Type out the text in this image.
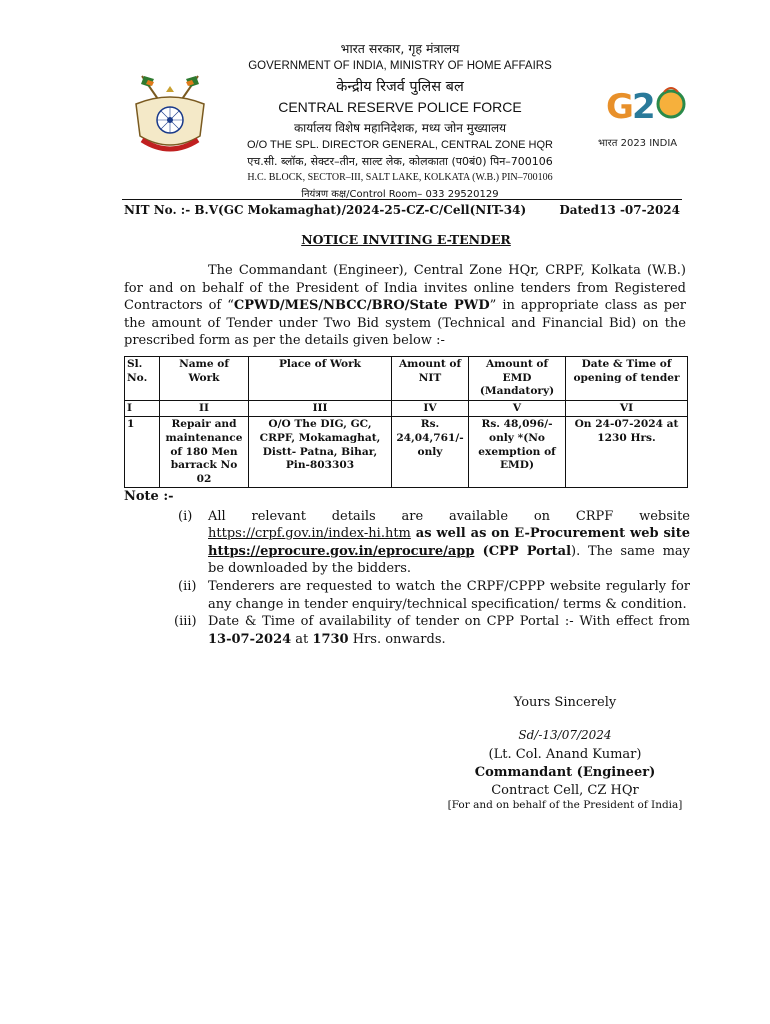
G
2
भारत 2023 INDIA
भारत सरकार, गृह मंत्रालय
GOVERNMENT OF INDIA, MINISTRY OF HOME AFFAIRS
केन्द्रीय रिजर्व पुलिस बल
CENTRAL RESERVE POLICE FORCE
कार्यालय विशेष महानिदेशक, मध्य जोन मुख्यालय
O/O THE SPL. DIRECTOR GENERAL, CENTRAL ZONE HQR
एच.सी. ब्लॉक, सेक्टर–तीन, साल्ट लेक, कोलकाता (प0बं0) पिन–700106
H.C. BLOCK, SECTOR–III, SALT LAKE, KOLKATA (W.B.) PIN–700106
नियंत्रण कक्ष/Control Room– 033 29520129
NIT No. :- B.V(GC Mokamaghat)/2024-25-CZ-C/Cell(NIT-34)	Dated13 -07-2024
NOTICE INVITING E-TENDER
The Commandant (Engineer), Central Zone HQr, CRPF, Kolkata (W.B.) for and on behalf of the President of India invites online tenders from Registered Contractors of “CPWD/MES/NBCC/BRO/State PWD” in appropriate class as per the amount of Tender under Two Bid system (Technical and Financial Bid) on the prescribed form as per the details given below :-
Sl. No.	Name of Work	Place of Work	Amount of NIT	Amount of EMD (Mandatory)	Date & Time of opening of tender
I	II	III	IV	V	VI
1	Repair and maintenance of 180 Men barrack No 02	O/O The DIG, GC, CRPF, Mokamaghat, Distt- Patna, Bihar, Pin-803303	Rs. 24,04,761/- only	Rs. 48,096/- only *(No exemption of EMD)	On 24-07-2024 at 1230 Hrs.
Note :-
(i) All relevant details are available on CRPF website https://crpf.gov.in/index-hi.htm as well as on E-Procurement web site https://eprocure.gov.in/eprocure/app (CPP Portal). The same may be downloaded by the bidders.
(ii) Tenderers are requested to watch the CRPF/CPPP website regularly for any change in tender enquiry/technical specification/ terms & condition.
(iii) Date & Time of availability of tender on CPP Portal :- With effect from 13-07-2024 at 1730 Hrs. onwards.
Yours Sincerely
Sd/-13/07/2024
(Lt. Col. Anand Kumar)
Commandant (Engineer)
Contract Cell, CZ HQr
[For and on behalf of the President of India]
